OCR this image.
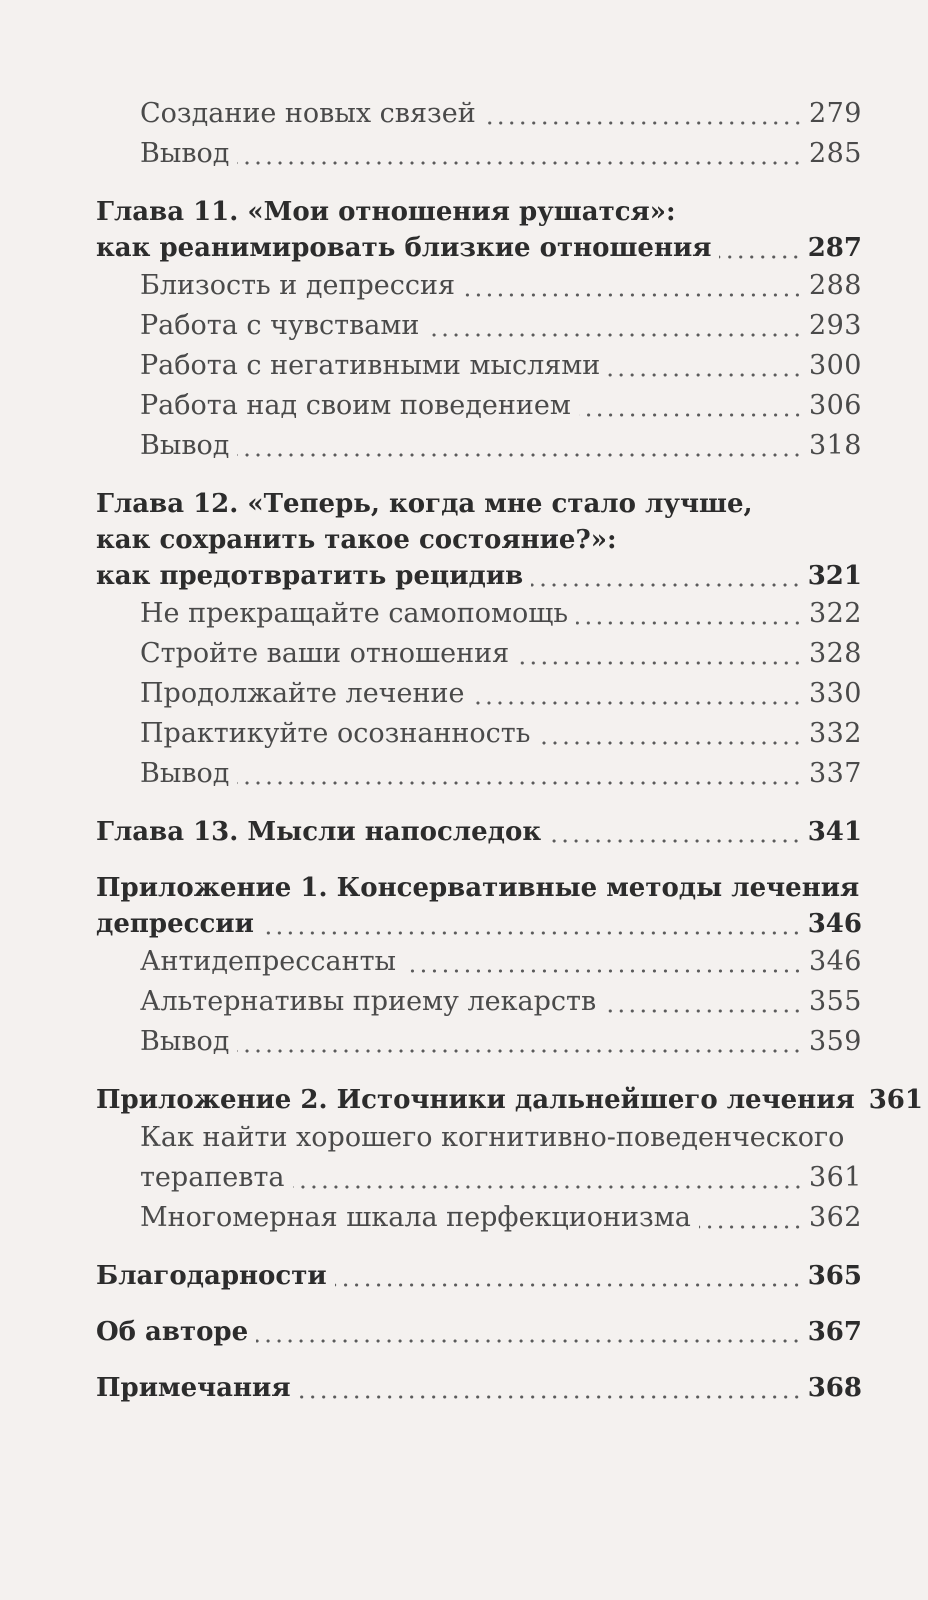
Создание новых связей	279
Вывод	285
Глава 11. «Мои отношения рушатся»:
как реанимировать близкие отношения	287
Близость и депрессия	288
Работа с чувствами	293
Работа с негативными мыслями	300
Работа над своим поведением	306
Вывод	318
Глава 12. «Теперь, когда мне стало лучше,
как сохранить такое состояние?»:
как предотвратить рецидив	321
Не прекращайте самопомощь	322
Стройте ваши отношения	328
Продолжайте лечение	330
Практикуйте осознанность	332
Вывод	337
Глава 13. Мысли напоследок	341
Приложение 1. Консервативные методы лечения
депрессии	346
Антидепрессанты	346
Альтернативы приему лекарств	355
Вывод	359
Приложение 2. Источники дальнейшего лечения 361
Как найти хорошего когнитивно-поведенческого
терапевта	361
Многомерная шкала перфекционизма	362
Благодарности	365
Об авторе	367
Примечания	368
